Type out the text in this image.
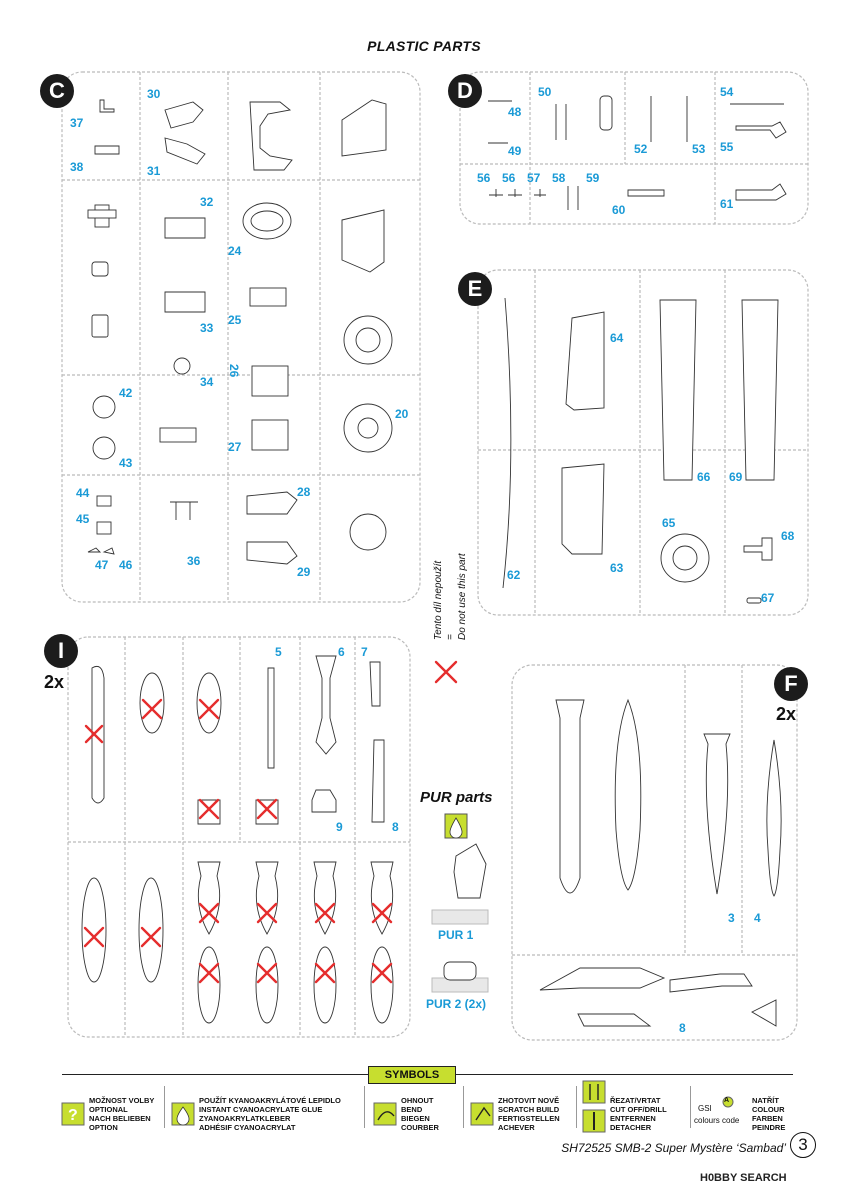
PLASTIC PARTS
?
C	D
E
I
2x	F
2x
37
38
30
31
32
24
33
25
34
26
42
43
27
20
44
45
47 46	36
28
29
48
49
50
52	53
54
55
56 56 57 58 59
60	61
64
66 69
65
68
67
63
62
5	6 7
9	8
3 4
8
Tento díl nepoužít = Do not use this part
PUR parts
PUR 1
PUR 2 (2x)
SYMBOLS
MOŽNOST VOLBY
OPTIONAL
NACH BELIEBEN
OPTION
POUŽÍT KYANOAKRYLÁTOVÉ LEPIDLO
INSTANT CYANOACRYLATE GLUE
ZYANOAKRYLATKLEBER
ADHÉSIF CYANOACRYLAT
OHNOUT
BEND
BIEGEN
COURBER
ZHOTOVIT NOVĚ
SCRATCH BUILD
FERTIGSTELLEN
ACHEVER
ŘEZAT/VRTAT
CUT OFF/DRILL
ENTFERNEN
DETACHER
GSI
A
colours code
NATŘÍT
COLOUR
FARBEN
PEINDRE
SH72525 SMB-2 Super Mystère ‘Sambad’ 3
H0BBY SEARCH
